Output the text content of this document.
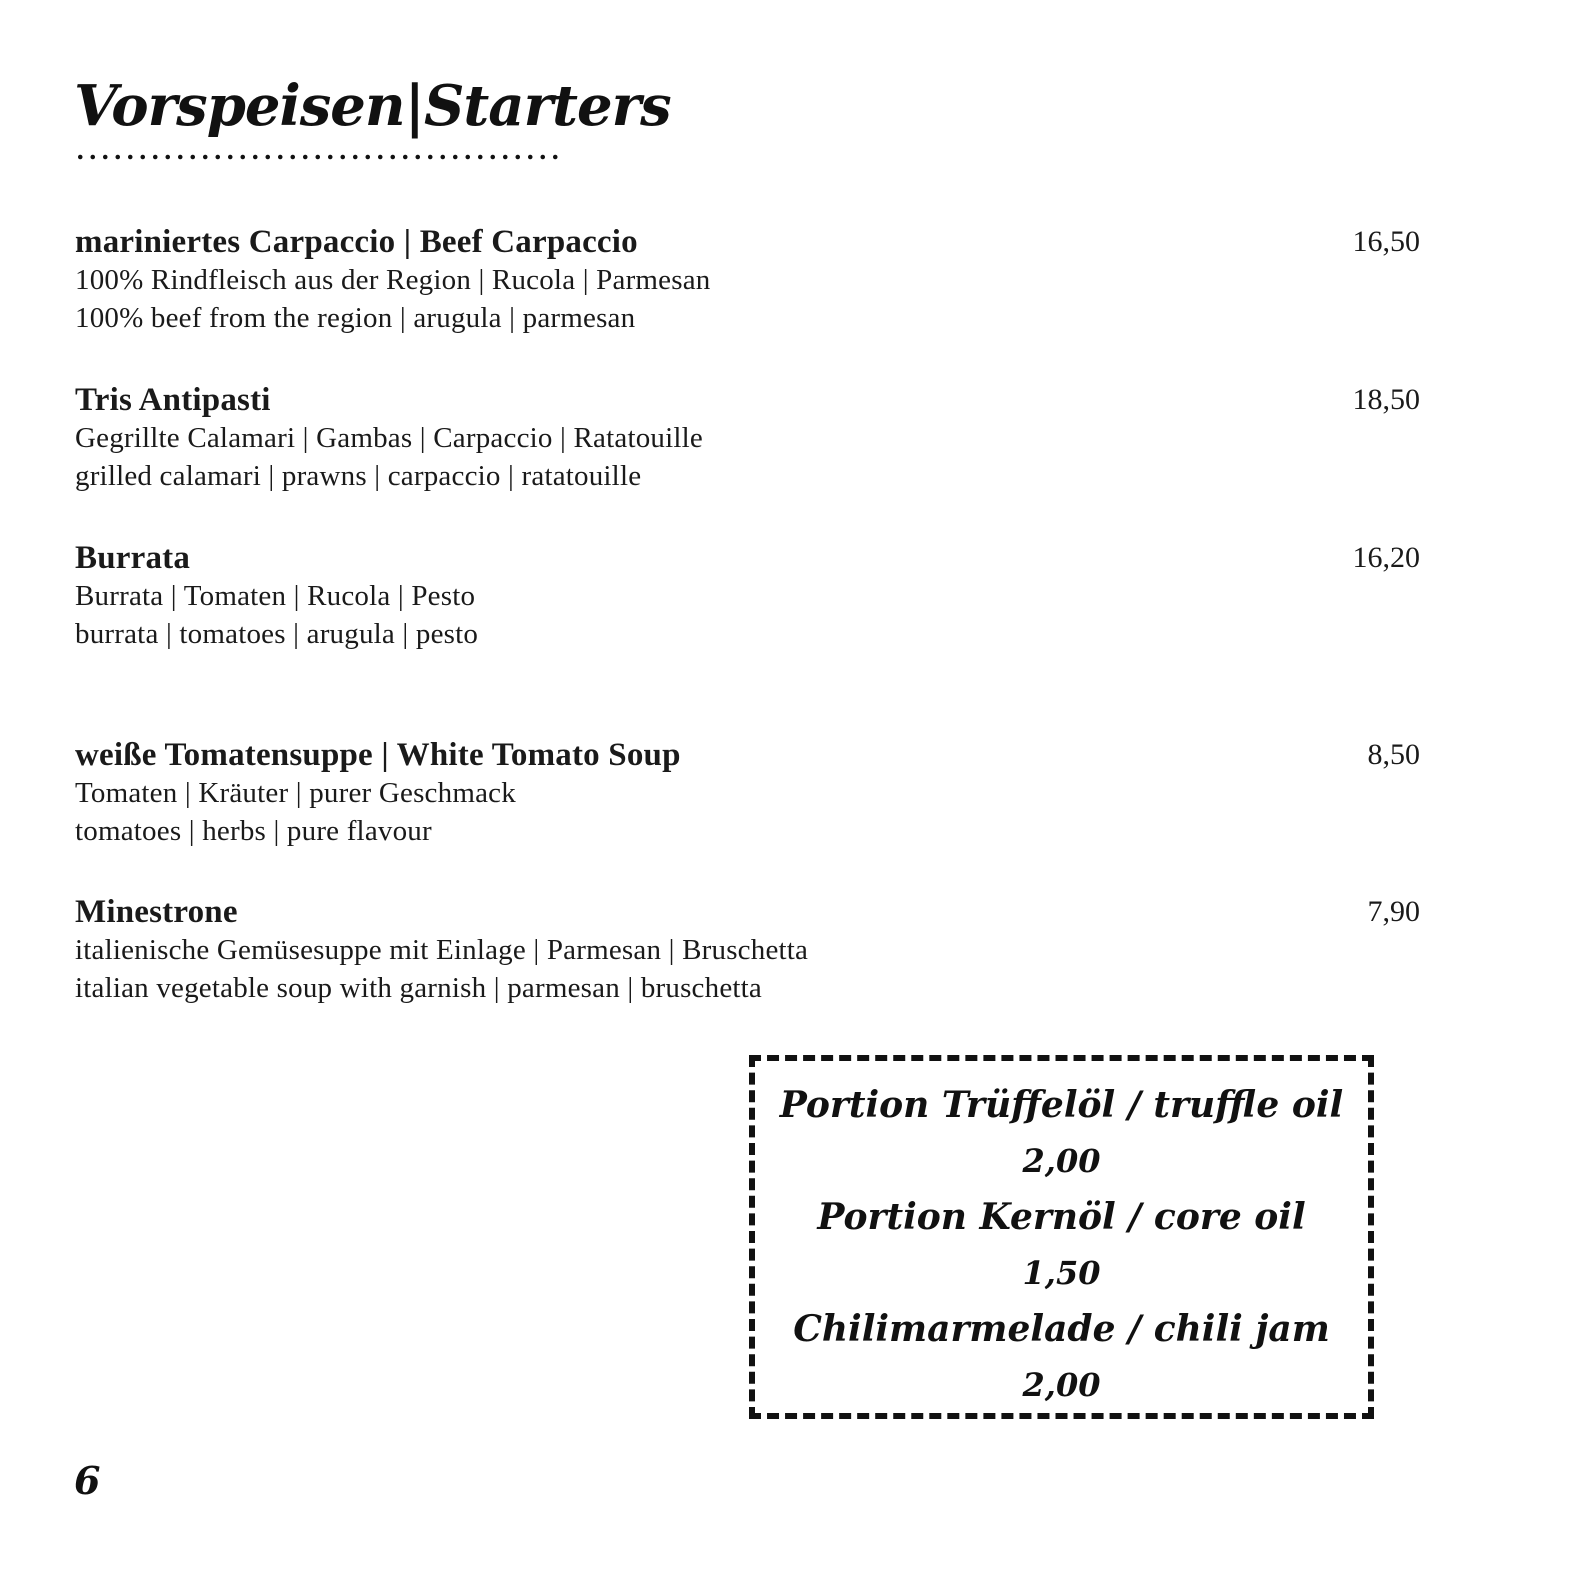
Vorspeisen|Starters
mariniertes Carpaccio | Beef Carpaccio	16,50
100% Rindfleisch aus der Region | Rucola | Parmesan
100% beef from the region | arugula | parmesan
Tris Antipasti	18,50
Gegrillte Calamari | Gambas | Carpaccio | Ratatouille
grilled calamari | prawns | carpaccio | ratatouille
Burrata	16,20
Burrata | Tomaten | Rucola | Pesto
burrata | tomatoes | arugula | pesto
weiße Tomatensuppe | White Tomato Soup	8,50
Tomaten | Kräuter | purer Geschmack
tomatoes | herbs | pure flavour
Minestrone	7,90
italienische Gemüsesuppe mit Einlage | Parmesan | Bruschetta
italian vegetable soup with garnish | parmesan | bruschetta
Portion Trüffelöl / truffle oil
2,00
Portion Kernöl / core oil
1,50
Chilimarmelade / chili jam
2,00
6
